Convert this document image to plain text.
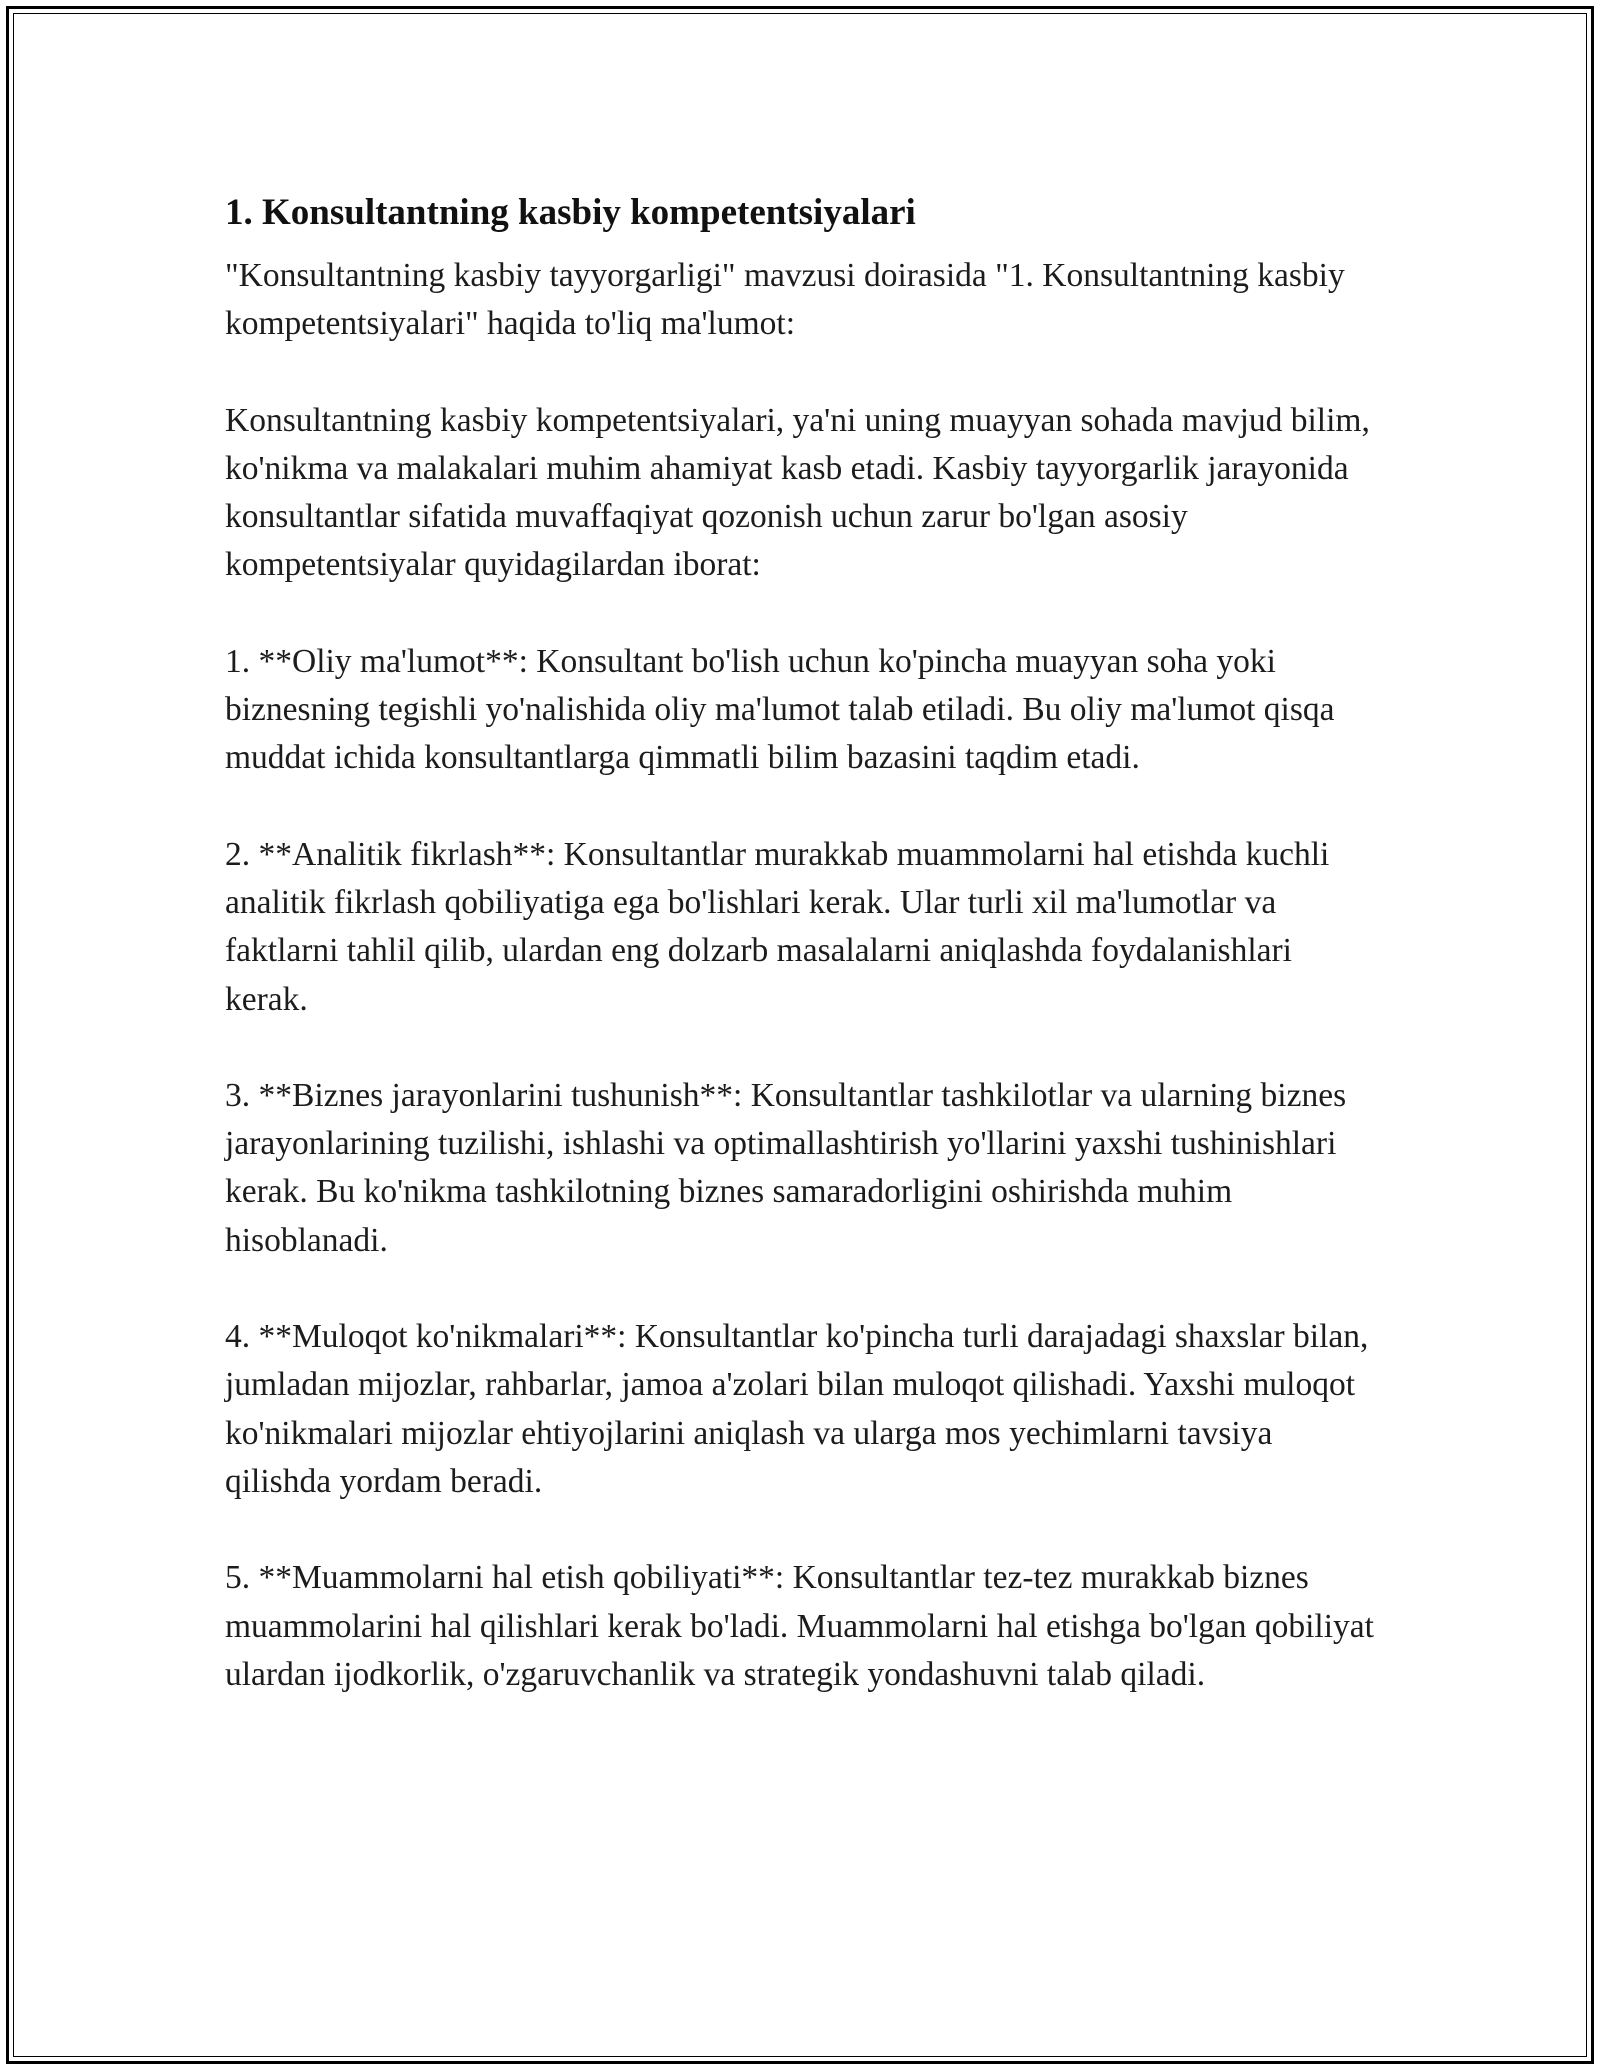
1. Konsultantning kasbiy kompetentsiyalari

"Konsultantning kasbiy tayyorgarligi" mavzusi doirasida "1. Konsultantning kasbiy kompetentsiyalari" haqida to'liq ma'lumot:

Konsultantning kasbiy kompetentsiyalari, ya'ni uning muayyan sohada mavjud bilim, ko'nikma va malakalari muhim ahamiyat kasb etadi. Kasbiy tayyorgarlik jarayonida konsultantlar sifatida muvaffaqiyat qozonish uchun zarur bo'lgan asosiy kompetentsiyalar quyidagilardan iborat:

1. **Oliy ma'lumot**: Konsultant bo'lish uchun ko'pincha muayyan soha yoki biznesning tegishli yo'nalishida oliy ma'lumot talab etiladi. Bu oliy ma'lumot qisqa muddat ichida konsultantlarga qimmatli bilim bazasini taqdim etadi.

2. **Analitik fikrlash**: Konsultantlar murakkab muammolarni hal etishda kuchli analitik fikrlash qobiliyatiga ega bo'lishlari kerak. Ular turli xil ma'lumotlar va faktlarni tahlil qilib, ulardan eng dolzarb masalalarni aniqlashda foydalanishlari kerak.

3. **Biznes jarayonlarini tushunish**: Konsultantlar tashkilotlar va ularning biznes jarayonlarining tuzilishi, ishlashi va optimallashtirish yo'llarini yaxshi tushinishlari kerak. Bu ko'nikma tashkilotning biznes samaradorligini oshirishda muhim hisoblanadi.

4. **Muloqot ko'nikmalari**: Konsultantlar ko'pincha turli darajadagi shaxslar bilan, jumladan mijozlar, rahbarlar, jamoa a'zolari bilan muloqot qilishadi. Yaxshi muloqot ko'nikmalari mijozlar ehtiyojlarini aniqlash va ularga mos yechimlarni tavsiya qilishda yordam beradi.

5. **Muammolarni hal etish qobiliyati**: Konsultantlar tez-tez murakkab biznes muammolarini hal qilishlari kerak bo'ladi. Muammolarni hal etishga bo'lgan qobiliyat ulardan ijodkorlik, o'zgaruvchanlik va strategik yondashuvni talab qiladi.
